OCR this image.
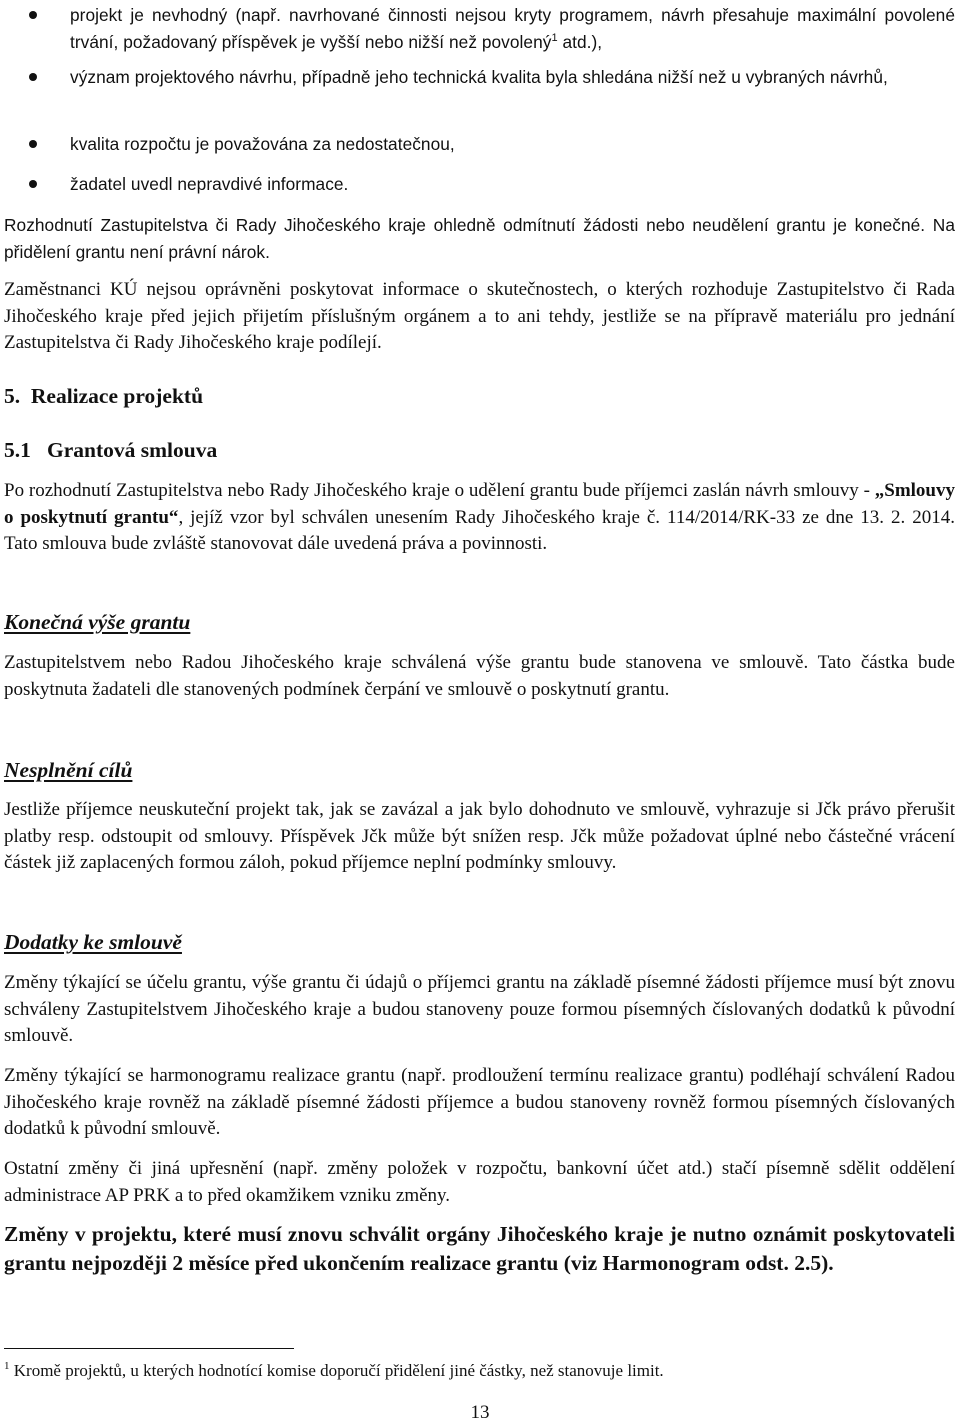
projekt je nevhodný (např. navrhované činnosti nejsou kryty programem, návrh přesahuje maximální povolené trvání, požadovaný příspěvek je vyšší nebo nižší než povolený$^1$ atd.),

význam projektového návrhu, případně jeho technická kvalita byla shledána nižší než u vybraných návrhů,

kvalita rozpočtu je považována za nedostatečnou,

žadatel uvedl nepravdivé informace.

Rozhodnutí Zastupitelstva či Rady Jihočeského kraje ohledně odmítnutí žádosti nebo neudělení grantu je konečné. Na přidělení grantu není právní nárok.

Zaměstnanci KÚ nejsou oprávněni poskytovat informace o skutečnostech, o kterých rozhoduje Zastupitelstvo či Rada Jihočeského kraje před jejich přijetím příslušným orgánem a to ani tehdy, jestliže se na přípravě materiálu pro jednání Zastupitelstva či Rady Jihočeského kraje podílejí.

5. Realizace projektů
5.1 Grantová smlouva

Po rozhodnutí Zastupitelstva nebo Rady Jihočeského kraje o udělení grantu bude příjemci zaslán návrh smlouvy - „Smlouvy o poskytnutí grantu“, jejíž vzor byl schválen unesením Rady Jihočeského kraje č. 114/2014/RK-33 ze dne 13. 2. 2014. Tato smlouva bude zvláště stanovovat dále uvedená práva a povinnosti.

Konečná výše grantu

Zastupitelstvem nebo Radou Jihočeského kraje schválená výše grantu bude stanovena ve smlouvě. Tato částka bude poskytnuta žadateli dle stanovených podmínek čerpání ve smlouvě o poskytnutí grantu.

Nesplnění cílů

Jestliže příjemce neuskuteční projekt tak, jak se zavázal a jak bylo dohodnuto ve smlouvě, vyhrazuje si Jčk právo přerušit platby resp. odstoupit od smlouvy. Příspěvek Jčk může být snížen resp. Jčk může požadovat úplné nebo částečné vrácení částek již zaplacených formou záloh, pokud příjemce neplní podmínky smlouvy.

Dodatky ke smlouvě

Změny týkající se účelu grantu, výše grantu či údajů o příjemci grantu na základě písemné žádosti příjemce musí být znovu schváleny Zastupitelstvem Jihočeského kraje a budou stanoveny pouze formou písemných číslovaných dodatků k původní smlouvě.

Změny týkající se harmonogramu realizace grantu (např. prodloužení termínu realizace grantu) podléhají schválení Radou Jihočeského kraje rovněž na základě písemné žádosti příjemce a budou stanoveny rovněž formou písemných číslovaných dodatků k původní smlouvě.

Ostatní změny či jiná upřesnění (např. změny položek v rozpočtu, bankovní účet atd.) stačí písemně sdělit oddělení administrace AP PRK a to před okamžikem vzniku změny.

Změny v projektu, které musí znovu schválit orgány Jihočeského kraje je nutno oznámit poskytovateli grantu nejpozději 2 měsíce před ukončením realizace grantu (viz Harmonogram odst. 2.5).

$^1$ Kromě projektů, u kterých hodnotící komise doporučí přidělení jiné částky, než stanovuje limit.

13
